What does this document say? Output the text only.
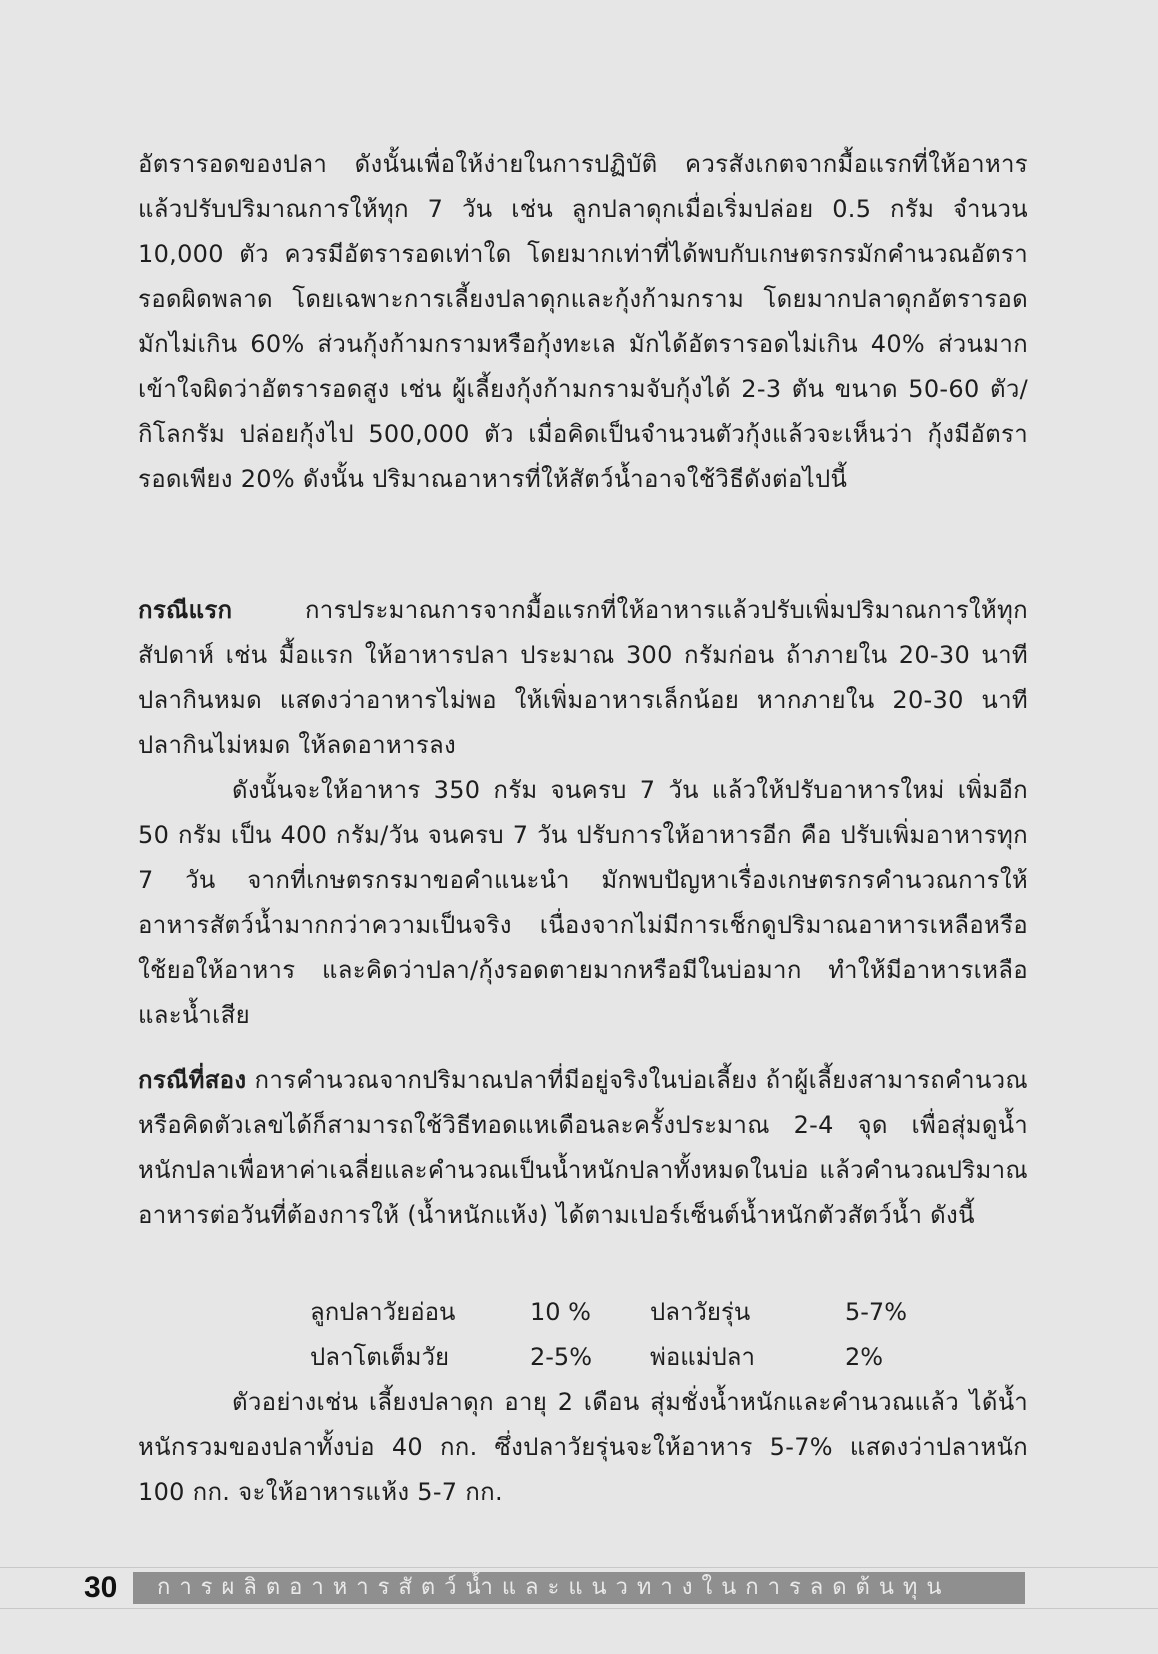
อัตรารอดของปลา ดังนั้นเพื่อให้ง่ายในการปฏิบัติ ควรสังเกตจากมื้อแรกที่ให้อาหารแล้วปรับปริมาณการให้ทุก 7 วัน เช่น ลูกปลาดุกเมื่อเริ่มปล่อย 0.5 กรัม จำนวน 10,000 ตัว ควรมีอัตรารอดเท่าใด โดยมากเท่าที่ได้พบกับเกษตรกรมักคำนวณอัตรารอดผิดพลาด โดยเฉพาะการเลี้ยงปลาดุกและกุ้งก้ามกราม โดยมากปลาดุกอัตรารอดมักไม่เกิน 60% ส่วนกุ้งก้ามกรามหรือกุ้งทะเล มักได้อัตรารอดไม่เกิน 40% ส่วนมากเข้าใจผิดว่าอัตรารอดสูง เช่น ผู้เลี้ยงกุ้งก้ามกรามจับกุ้งได้ 2-3 ตัน ขนาด 50-60 ตัว/กิโลกรัม ปล่อยกุ้งไป 500,000 ตัว เมื่อคิดเป็นจำนวนตัวกุ้งแล้วจะเห็นว่า กุ้งมีอัตรารอดเพียง 20% ดังนั้น ปริมาณอาหารที่ให้สัตว์น้ำอาจใช้วิธีดังต่อไปนี้

กรณีแรก การประมาณการจากมื้อแรกที่ให้อาหารแล้วปรับเพิ่มปริมาณการให้ทุกสัปดาห์ เช่น มื้อแรก ให้อาหารปลา ประมาณ 300 กรัมก่อน ถ้าภายใน 20-30 นาที ปลากินหมด แสดงว่าอาหารไม่พอ ให้เพิ่มอาหารเล็กน้อย หากภายใน 20-30 นาที ปลากินไม่หมด ให้ลดอาหารลง

ดังนั้นจะให้อาหาร 350 กรัม จนครบ 7 วัน แล้วให้ปรับอาหารใหม่ เพิ่มอีก 50 กรัม เป็น 400 กรัม/วัน จนครบ 7 วัน ปรับการให้อาหารอีก คือ ปรับเพิ่มอาหารทุก 7 วัน จากที่เกษตรกรมาขอคำแนะนำ มักพบปัญหาเรื่องเกษตรกรคำนวณการให้อาหารสัตว์น้ำมากกว่าความเป็นจริง เนื่องจากไม่มีการเช็กดูปริมาณอาหารเหลือหรือใช้ยอให้อาหาร และคิดว่าปลา/กุ้งรอดตายมากหรือมีในบ่อมาก ทำให้มีอาหารเหลือและน้ำเสีย

กรณีที่สอง การคำนวณจากปริมาณปลาที่มีอยู่จริงในบ่อเลี้ยง ถ้าผู้เลี้ยงสามารถคำนวณหรือคิดตัวเลขได้ก็สามารถใช้วิธีทอดแหเดือนละครั้งประมาณ 2-4 จุด เพื่อสุ่มดูน้ำหนักปลาเพื่อหาค่าเฉลี่ยและคำนวณเป็นน้ำหนักปลาทั้งหมดในบ่อ แล้วคำนวณปริมาณอาหารต่อวันที่ต้องการให้ (น้ำหนักแห้ง) ได้ตามเปอร์เซ็นต์น้ำหนักตัวสัตว์น้ำ ดังนี้

ลูกปลาวัยอ่อน	10 %	ปลาวัยรุ่น	5-7%
ปลาโตเต็มวัย	2-5%	พ่อแม่ปลา	2%

ตัวอย่างเช่น เลี้ยงปลาดุก อายุ 2 เดือน สุ่มชั่งน้ำหนักและคำนวณแล้ว ได้น้ำหนักรวมของปลาทั้งบ่อ 40 กก. ซึ่งปลาวัยรุ่นจะให้อาหาร 5-7% แสดงว่าปลาหนัก 100 กก. จะให้อาหารแห้ง 5-7 กก.

30	การผลิตอาหารสัตว์น้ำและแนวทางในการลดต้นทุน
